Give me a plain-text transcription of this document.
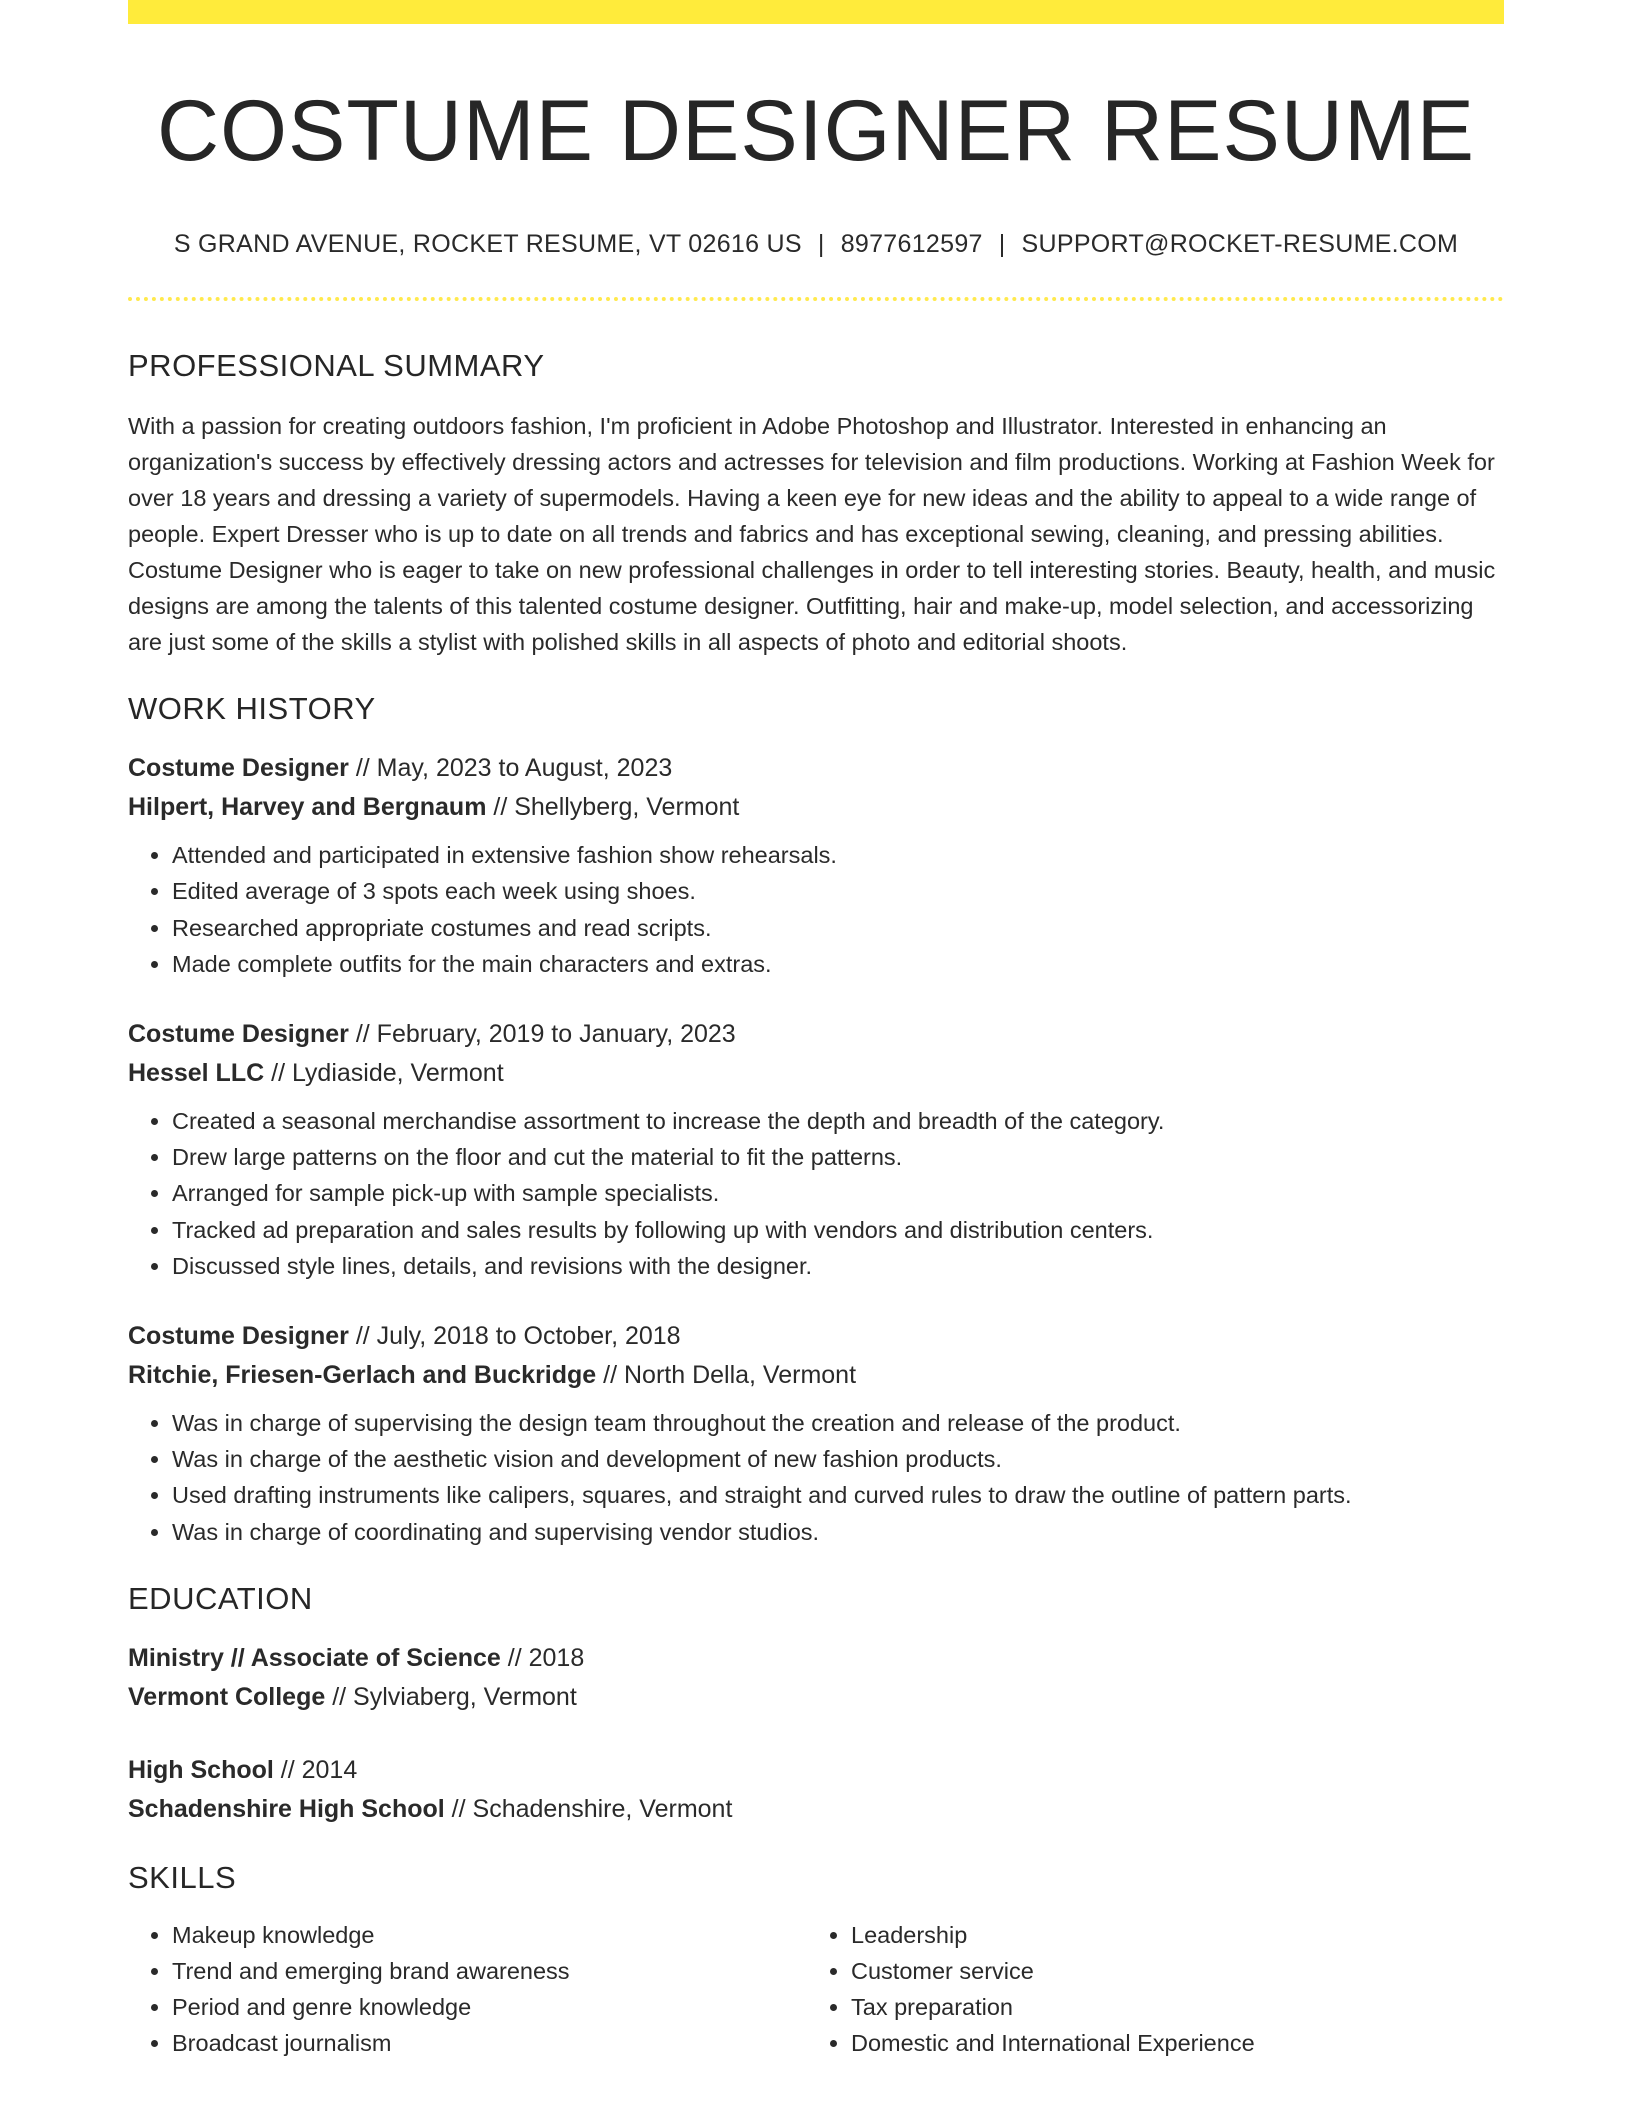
COSTUME DESIGNER RESUME
S GRAND AVENUE, ROCKET RESUME, VT 02616 US | 8977612597 | SUPPORT@ROCKET-RESUME.COM
PROFESSIONAL SUMMARY

With a passion for creating outdoors fashion, I'm proficient in Adobe Photoshop and Illustrator. Interested in enhancing an organization's success by effectively dressing actors and actresses for television and film productions. Working at Fashion Week for over 18 years and dressing a variety of supermodels. Having a keen eye for new ideas and the ability to appeal to a wide range of people. Expert Dresser who is up to date on all trends and fabrics and has exceptional sewing, cleaning, and pressing abilities. Costume Designer who is eager to take on new professional challenges in order to tell interesting stories. Beauty, health, and music designs are among the talents of this talented costume designer. Outfitting, hair and make-up, model selection, and accessorizing are just some of the skills a stylist with polished skills in all aspects of photo and editorial shoots.

WORK HISTORY
Costume Designer // May, 2023 to August, 2023
Hilpert, Harvey and Bergnaum // Shellyberg, Vermont
• Attended and participated in extensive fashion show rehearsals.
• Edited average of 3 spots each week using shoes.
• Researched appropriate costumes and read scripts.
• Made complete outfits for the main characters and extras.
Costume Designer // February, 2019 to January, 2023
Hessel LLC // Lydiaside, Vermont
• Created a seasonal merchandise assortment to increase the depth and breadth of the category.
• Drew large patterns on the floor and cut the material to fit the patterns.
• Arranged for sample pick-up with sample specialists.
• Tracked ad preparation and sales results by following up with vendors and distribution centers.
• Discussed style lines, details, and revisions with the designer.
Costume Designer // July, 2018 to October, 2018
Ritchie, Friesen-Gerlach and Buckridge // North Della, Vermont
• Was in charge of supervising the design team throughout the creation and release of the product.
• Was in charge of the aesthetic vision and development of new fashion products.
• Used drafting instruments like calipers, squares, and straight and curved rules to draw the outline of pattern parts.
• Was in charge of coordinating and supervising vendor studios.
EDUCATION
Ministry // Associate of Science // 2018
Vermont College // Sylviaberg, Vermont
High School // 2014
Schadenshire High School // Schadenshire, Vermont
SKILLS
• Makeup knowledge
• Trend and emerging brand awareness
• Period and genre knowledge
• Broadcast journalism
• Leadership
• Customer service
• Tax preparation
• Domestic and International Experience
